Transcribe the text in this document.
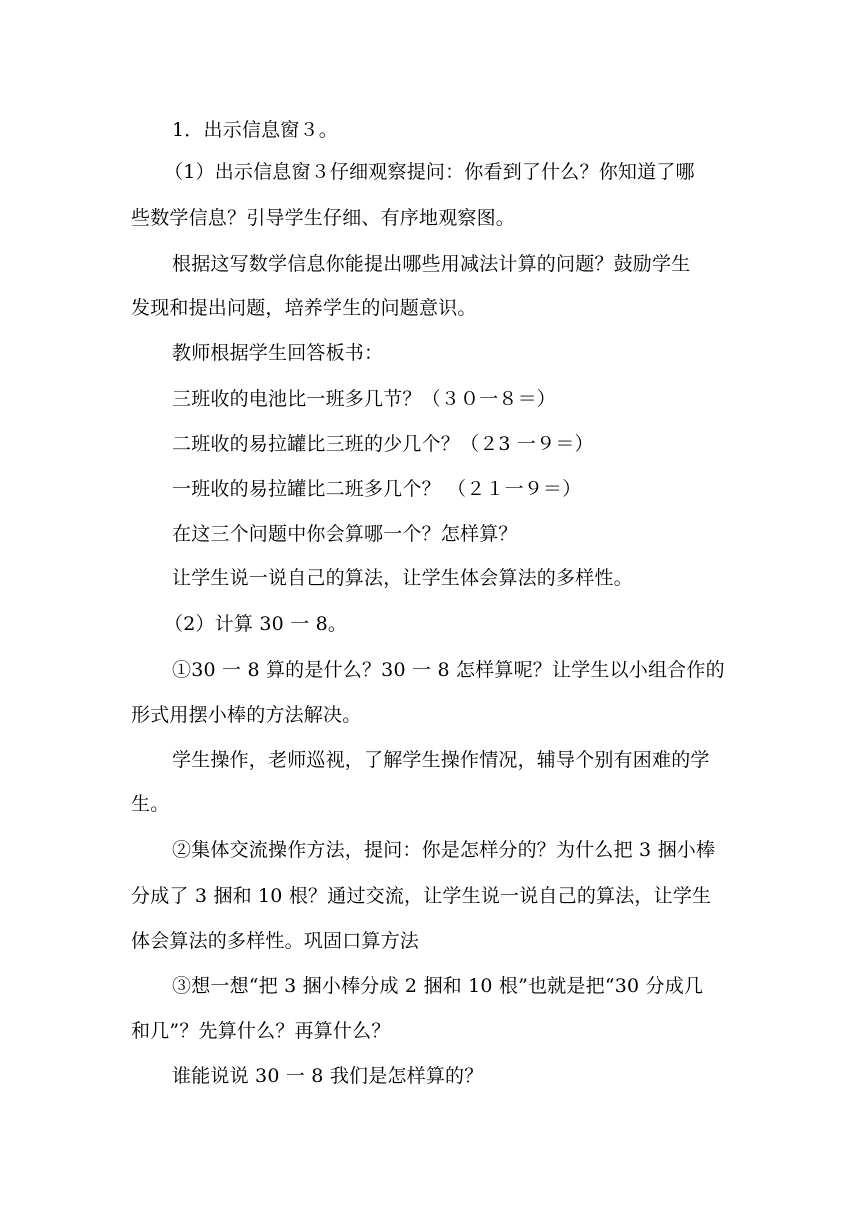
1．出示信息窗３。
（1）出示信息窗３仔细观察提问：你看到了什么？你知道了哪
些数学信息？引导学生仔细、有序地观察图。
根据这写数学信息你能提出哪些用减法计算的问题？鼓励学生
发现和提出问题，培养学生的问题意识。
教师根据学生回答板书：
三班收的电池比一班多几节？（３０一８＝）
二班收的易拉罐比三班的少几个？（２3 一９＝）
一班收的易拉罐比二班多几个？ （２１一９＝）
在这三个问题中你会算哪一个？怎样算？
让学生说一说自己的算法，让学生体会算法的多样性。
（2）计算 30 一 8。
①30 一 8 算的是什么？30 一 8 怎样算呢？让学生以小组合作的
形式用摆小棒的方法解决。
学生操作，老师巡视，了解学生操作情况，辅导个别有困难的学
生。
②集体交流操作方法，提问：你是怎样分的？为什么把 3 捆小棒
分成了 3 捆和 10 根？通过交流，让学生说一说自己的算法，让学生
体会算法的多样性。巩固口算方法
③想一想“把 3 捆小棒分成 2 捆和 10 根”也就是把“30 分成几
和几”？先算什么？再算什么？
谁能说说 30 一 8 我们是怎样算的？
